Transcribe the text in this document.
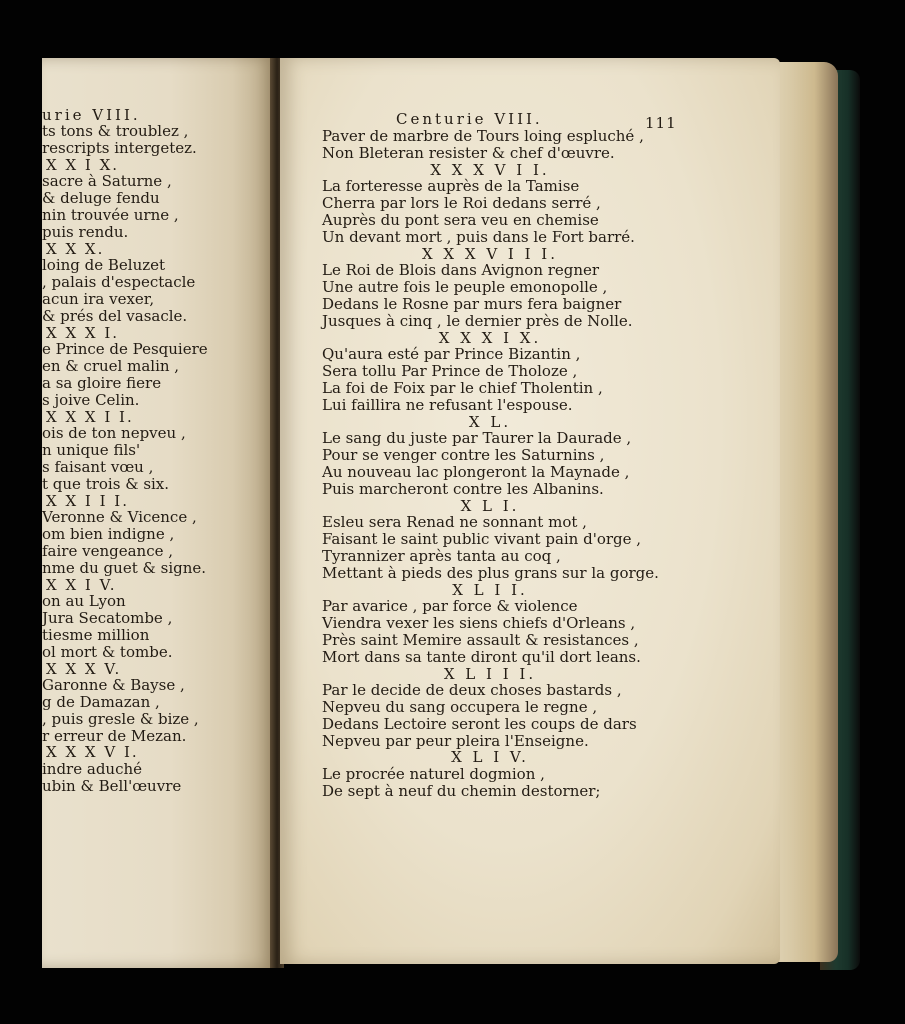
urie VIII.
ts tons & troublez ,
rescripts intergetez.
X X I X.
sacre à Saturne ,
& deluge fendu
nin trouvée urne ,
puis rendu.
X X X.
loing de Beluzet
, palais d'espectacle
acun ira vexer,
& prés del vasacle.
X X X I.
e Prince de Pesquiere
en & cruel malin ,
a sa gloire fiere
s joive Celin.
X X X I I.
ois de ton nepveu ,
n unique fils'
s faisant vœu ,
t que trois & six.
X X I I I.
Veronne & Vicence ,
om bien indigne ,
faire vengeance ,
nme du guet & signe.
X X I V.
on au Lyon
Jura Secatombe ,
tiesme million
ol mort & tombe.
X X X V.
Garonne & Bayse ,
g de Damazan ,
, puis gresle & bize ,
r erreur de Mezan.
X X X V I.
indre aduché
ubin & Bell'œuvre
Centurie VIII.	111
Paver de marbre de Tours loing espluché ,
Non Bleteran resister & chef d'œuvre.
X X X V I I.
La forteresse auprès de la Tamise
Cherra par lors le Roi dedans serré ,
Auprès du pont sera veu en chemise
Un devant mort , puis dans le Fort barré.
X X X V I I I.
Le Roi de Blois dans Avignon regner
Une autre fois le peuple emonopolle ,
Dedans le Rosne par murs fera baigner
Jusques à cinq , le dernier près de Nolle.
X X X I X.
Qu'aura esté par Prince Bizantin ,
Sera tollu Par Prince de Tholoze ,
La foi de Foix par le chief Tholentin ,
Lui faillira ne refusant l'espouse.
X L.
Le sang du juste par Taurer la Daurade ,
Pour se venger contre les Saturnins ,
Au nouveau lac plongeront la Maynade ,
Puis marcheront contre les Albanins.
X L I.
Esleu sera Renad ne sonnant mot ,
Faisant le saint public vivant pain d'orge ,
Tyrannizer après tanta au coq ,
Mettant à pieds des plus grans sur la gorge.
X L I I.
Par avarice , par force & violence
Viendra vexer les siens chiefs d'Orleans ,
Près saint Memire assault & resistances ,
Mort dans sa tante diront qu'il dort leans.
X L I I I.
Par le decide de deux choses bastards ,
Nepveu du sang occupera le regne ,
Dedans Lectoire seront les coups de dars
Nepveu par peur pleira l'Enseigne.
X L I V.
Le procrée naturel dogmion ,
De sept à neuf du chemin destorner;
